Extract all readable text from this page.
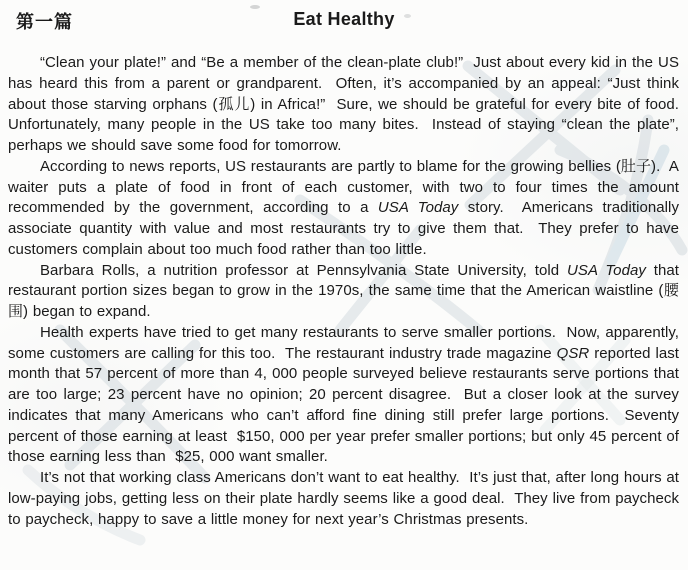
第一篇	Eat Healthy

“Clean your plate!” and “Be a member of the clean-plate club!”  Just about every kid in the US has heard this from a parent or grandparent.  Often, it’s accompanied by an appeal: “Just think about those starving orphans (孤儿) in Africa!”  Sure, we should be grateful for every bite of food.  Unfortunately, many people in the US take too many bites.  Instead of staying “clean the plate”, perhaps we should save some food for tomorrow.

According to news reports, US restaurants are partly to blame for the growing bellies (肚子).  A waiter puts a plate of food in front of each customer, with two to four times the amount recommended by the government, according to a USA Today story.  Americans traditionally associate quantity with value and most restaurants try to give them that.  They prefer to have customers complain about too much food rather than too little.

Barbara Rolls, a nutrition professor at Pennsylvania State University, told USA Today that restaurant portion sizes began to grow in the 1970s, the same time that the American waistline (腰围) began to expand.

Health experts have tried to get many restaurants to serve smaller portions.  Now, apparently, some customers are calling for this too.  The restaurant industry trade magazine QSR reported last month that 57 percent of more than 4, 000 people surveyed believe restaurants serve portions that are too large; 23 percent have no opinion; 20 percent disagree.  But a closer look at the survey indicates that many Americans who can’t afford fine dining still prefer large portions.  Seventy percent of those earning at least  $150, 000 per year prefer smaller portions; but only 45 percent of those earning less than  $25, 000 want smaller.

It’s not that working class Americans don’t want to eat healthy.  It’s just that, after long hours at low-paying jobs, getting less on their plate hardly seems like a good deal.  They live from paycheck to paycheck, happy to save a little money for next year’s Christmas presents.
